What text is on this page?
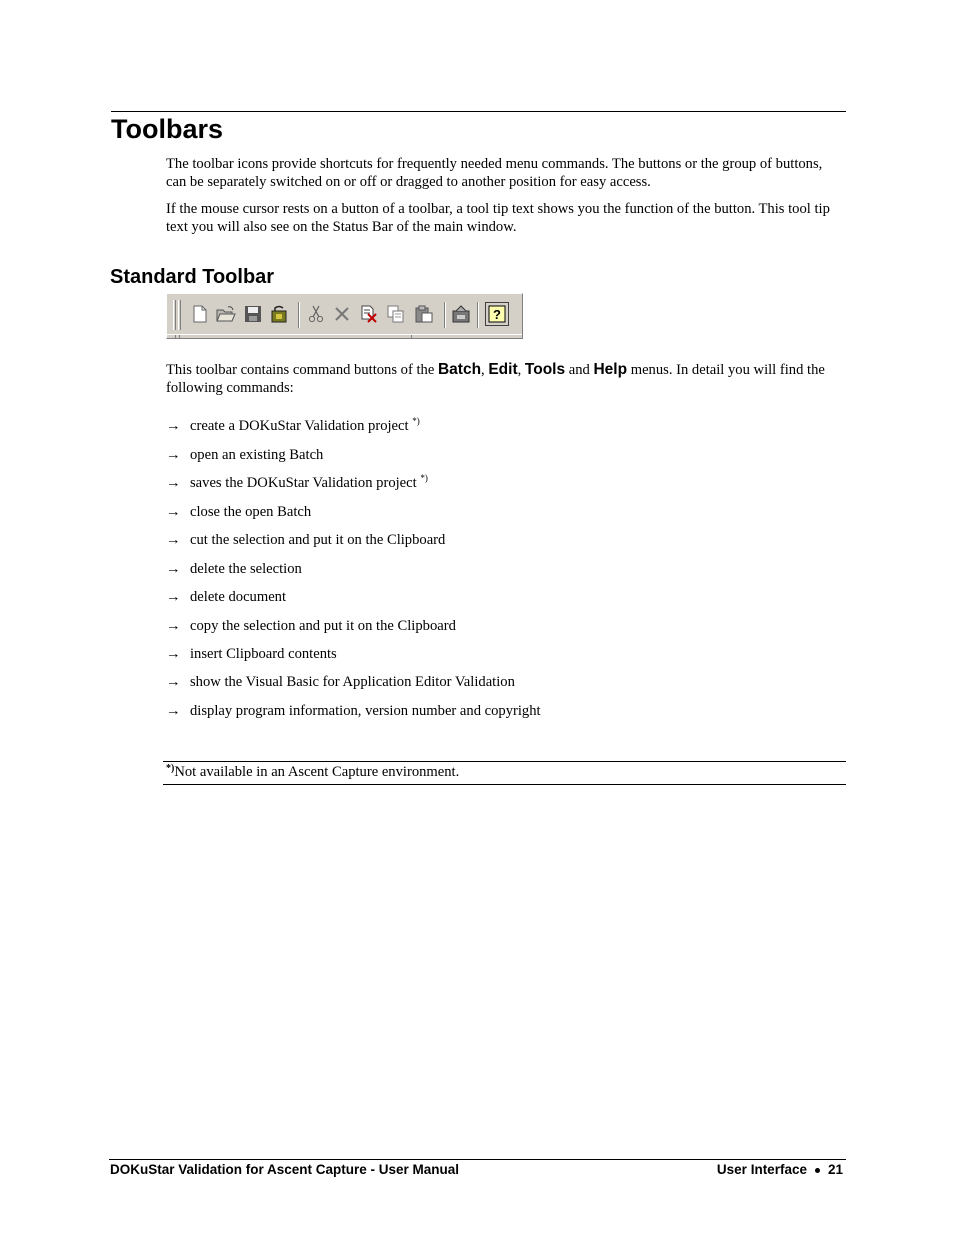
Toolbars

The toolbar icons provide shortcuts for frequently needed menu commands. The buttons or the group of buttons, can be separately switched on or off or dragged to another position for easy access.

If the mouse cursor rests on a button of a toolbar, a tool tip text shows you the function of the button. This tool tip text you will also see on the Status Bar of the main window.

Standard Toolbar
?

This toolbar contains command buttons of the Batch, Edit, Tools and Help menus. In detail you will find the following commands:

→ create a DOKuStar Validation project *)

→ open an existing Batch

→ saves the DOKuStar Validation project *)

→ close the open Batch

→ cut the selection and put it on the Clipboard

→ delete the selection

→ delete document

→ copy the selection and put it on the Clipboard

→ insert Clipboard contents

→ show the Visual Basic for Application Editor Validation

→ display program information, version number and copyright

*)Not available in an Ascent Capture environment.

DOKuStar Validation for Ascent Capture - User Manual	User Interface 21
